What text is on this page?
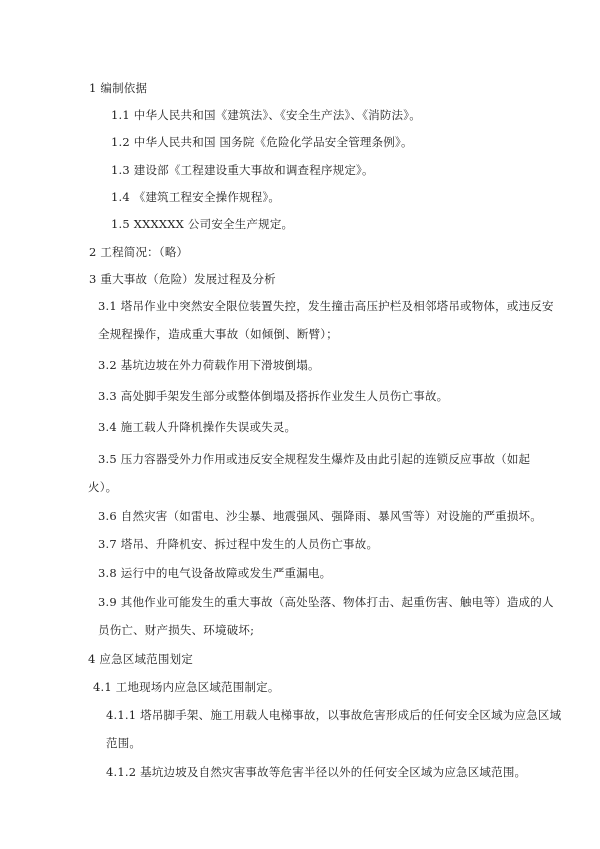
1 编制依据
1.1 中华人民共和国《建筑法》、《安全生产法》、《消防法》。
1.2 中华人民共和国 国务院《危险化学品安全管理条例》。
1.3 建设部《工程建设重大事故和调查程序规定》。
1.4 《建筑工程安全操作规程》。
1.5 XXXXXX 公司安全生产规定。
2 工程简况：（略）
3 重大事故（危险）发展过程及分析
3.1 塔吊作业中突然安全限位装置失控，发生撞击高压护栏及相邻塔吊或物体，或违反安
全规程操作，造成重大事故（如倾倒、断臂）；
3.2 基坑边坡在外力荷载作用下滑坡倒塌。
3.3 高处脚手架发生部分或整体倒塌及搭拆作业发生人员伤亡事故。
3.4 施工载人升降机操作失误或失灵。
3.5 压力容器受外力作用或违反安全规程发生爆炸及由此引起的连锁反应事故（如起
火）。
3.6 自然灾害（如雷电、沙尘暴、地震强风、强降雨、暴风雪等）对设施的严重损坏。
3.7 塔吊、升降机安、拆过程中发生的人员伤亡事故。
3.8 运行中的电气设备故障或发生严重漏电。
3.9 其他作业可能发生的重大事故（高处坠落、物体打击、起重伤害、触电等）造成的人
员伤亡、财产损失、环境破坏;
4 应急区域范围划定
4.1 工地现场内应急区域范围制定。
4.1.1 塔吊脚手架、施工用载人电梯事故，以事故危害形成后的任何安全区域为应急区域
范围。
4.1.2 基坑边坡及自然灾害事故等危害半径以外的任何安全区域为应急区域范围。
